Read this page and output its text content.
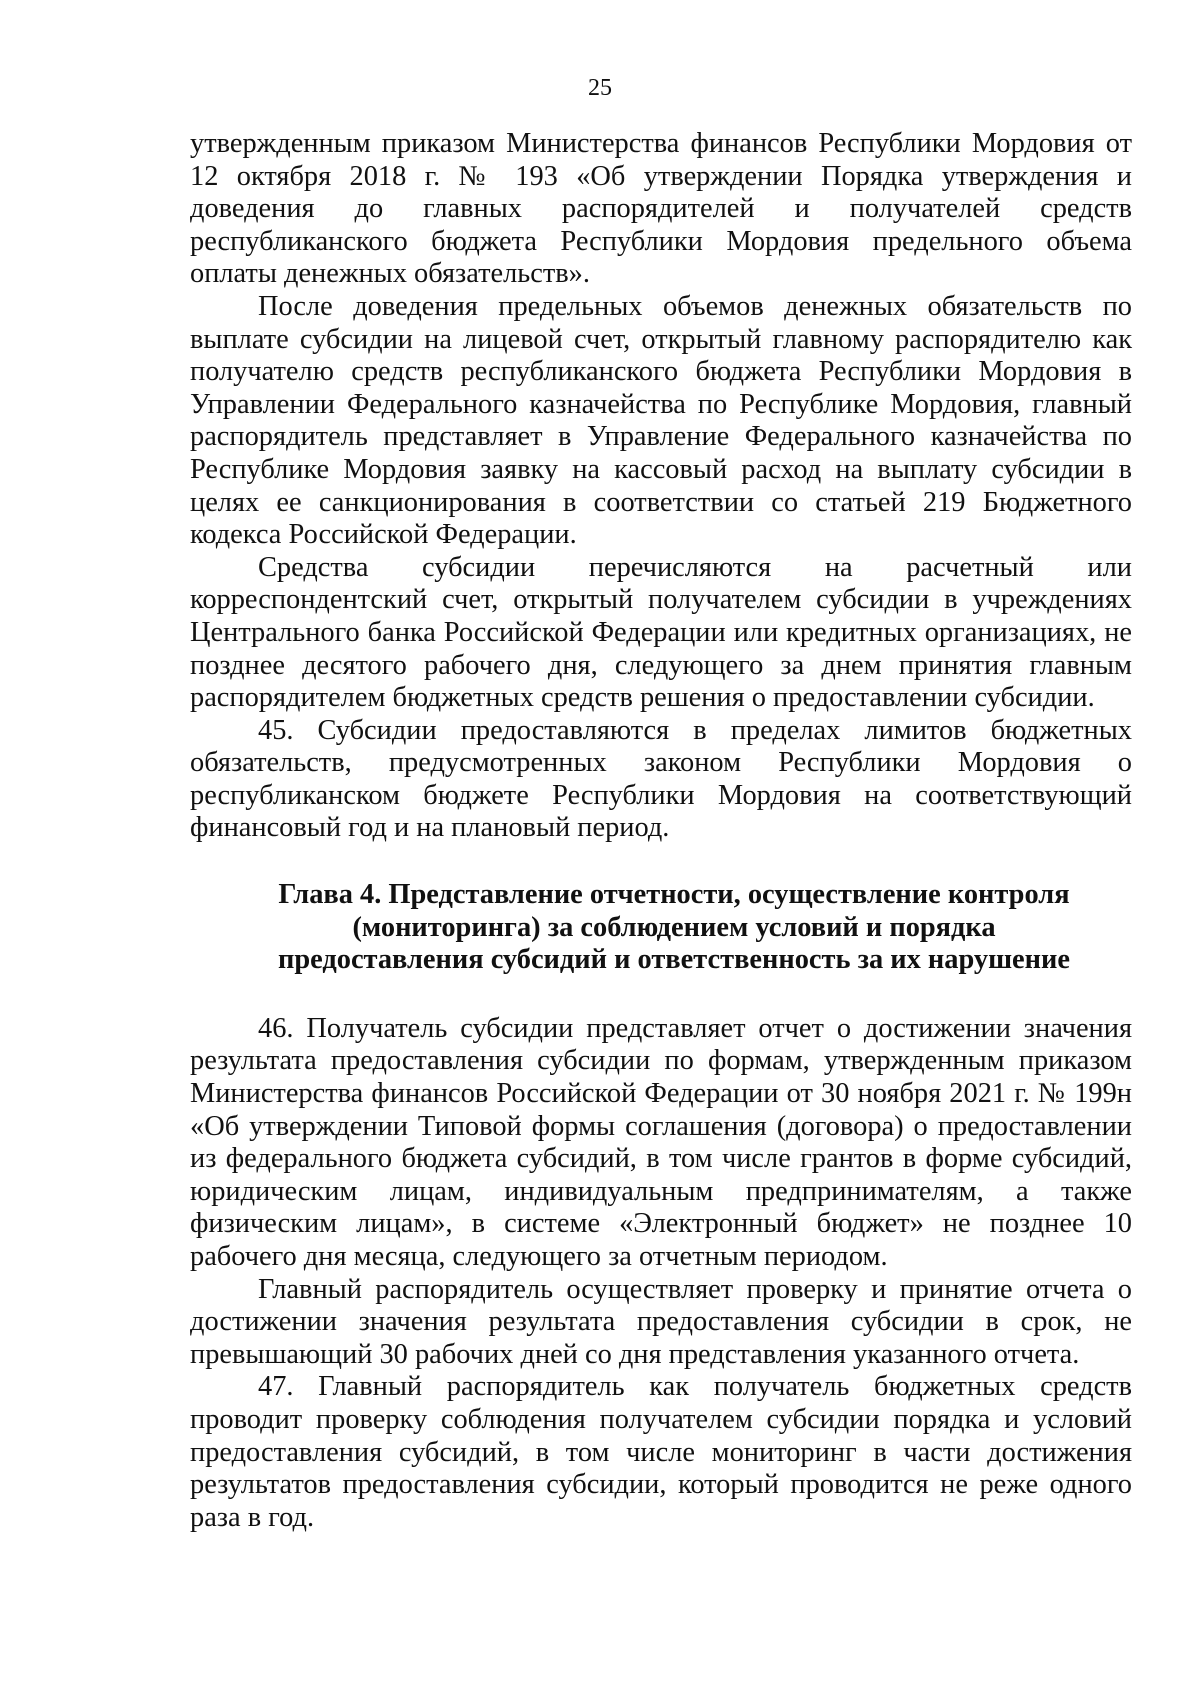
25

утвержденным приказом Министерства финансов Республики Мордовия от 12 октября 2018 г. № 193 «Об утверждении Порядка утверждения и доведения до главных распорядителей и получателей средств республиканского бюджета Республики Мордовия предельного объема оплаты денежных обязательств».

После доведения предельных объемов денежных обязательств по выплате субсидии на лицевой счет, открытый главному распорядителю как получателю средств республиканского бюджета Республики Мордовия в Управлении Федерального казначейства по Республике Мордовия, главный распорядитель представляет в Управление Федерального казначейства по Республике Мордовия заявку на кассовый расход на выплату субсидии в целях ее санкционирования в соответствии со статьей 219 Бюджетного кодекса Российской Федерации.

Средства субсидии перечисляются на расчетный или корреспондентский счет, открытый получателем субсидии в учреждениях Центрального банка Российской Федерации или кредитных организациях, не позднее десятого рабочего дня, следующего за днем принятия главным распорядителем бюджетных средств решения о предоставлении субсидии.

45. Субсидии предоставляются в пределах лимитов бюджетных обязательств, предусмотренных законом Республики Мордовия о республиканском бюджете Республики Мордовия на соответствующий финансовый год и на плановый период.

Глава 4. Представление отчетности, осуществление контроля (мониторинга) за соблюдением условий и порядка предоставления субсидий и ответственность за их нарушение

46. Получатель субсидии представляет отчет о достижении значения результата предоставления субсидии по формам, утвержденным приказом Министерства финансов Российской Федерации от 30 ноября 2021 г. № 199н «Об утверждении Типовой формы соглашения (договора) о предоставлении из федерального бюджета субсидий, в том числе грантов в форме субсидий, юридическим лицам, индивидуальным предпринимателям, а также физическим лицам», в системе «Электронный бюджет» не позднее 10 рабочего дня месяца, следующего за отчетным периодом.

Главный распорядитель осуществляет проверку и принятие отчета о достижении значения результата предоставления субсидии в срок, не превышающий 30 рабочих дней со дня представления указанного отчета.

47. Главный распорядитель как получатель бюджетных средств проводит проверку соблюдения получателем субсидии порядка и условий предоставления субсидий, в том числе мониторинг в части достижения результатов предоставления субсидии, который проводится не реже одного раза в год.
